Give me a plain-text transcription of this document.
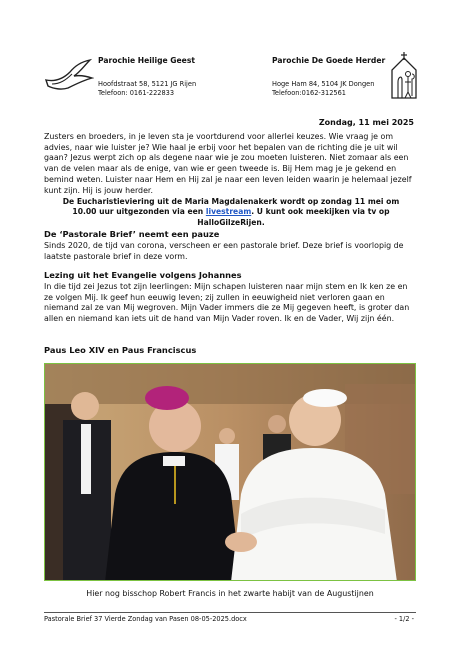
Parochie Heilige Geest
Hoofdstraat 58, 5121 JG Rijen
Telefoon: 0161-222833
Parochie De Goede Herder
Hoge Ham 84, 5104 JK Dongen
Telefoon:0162-312561
Zondag, 11 mei 2025
Zusters en broeders, in je leven sta je voortdurend voor allerlei keuzes. Wie vraag je om advies, naar wie luister je? Wie haal je erbij voor het bepalen van de richting die je uit wil gaan? Jezus werpt zich op als degene naar wie je zou moeten luisteren. Niet zomaar als een van de velen maar als de enige, van wie er geen tweede is. Bij Hem mag je je gekend en bemind weten. Luister naar Hem en Hij zal je naar een leven leiden waarin je helemaal jezelf kunt zijn. Hij is jouw herder.
De Eucharistieviering uit de Maria Magdalenakerk wordt op zondag 11 mei om 10.00 uur uitgezonden via een livestream. U kunt ook meekijken via tv op HalloGilzeRijen.
De ‘Pastorale Brief’ neemt een pauze
Sinds 2020, de tijd van corona, verscheen er een pastorale brief. Deze brief is voorlopig de laatste pastorale brief in deze vorm.
Lezing uit het Evangelie volgens Johannes
In die tijd zei Jezus tot zijn leerlingen: Mijn schapen luisteren naar mijn stem en Ik ken ze en ze volgen Mij. Ik geef hun eeuwig leven; zij zullen in eeuwigheid niet verloren gaan en niemand zal ze van Mij wegroven. Mijn Vader immers die ze Mij gegeven heeft, is groter dan allen en niemand kan iets uit de hand van Mijn Vader roven. Ik en de Vader, Wij zijn één.
Paus Leo XIV en Paus Franciscus
Hier nog bisschop Robert Francis in het zwarte habijt van de Augustijnen
Pastorale Brief 37 Vierde Zondag van Pasen 08-05-2025.docx	- 1/2 -
